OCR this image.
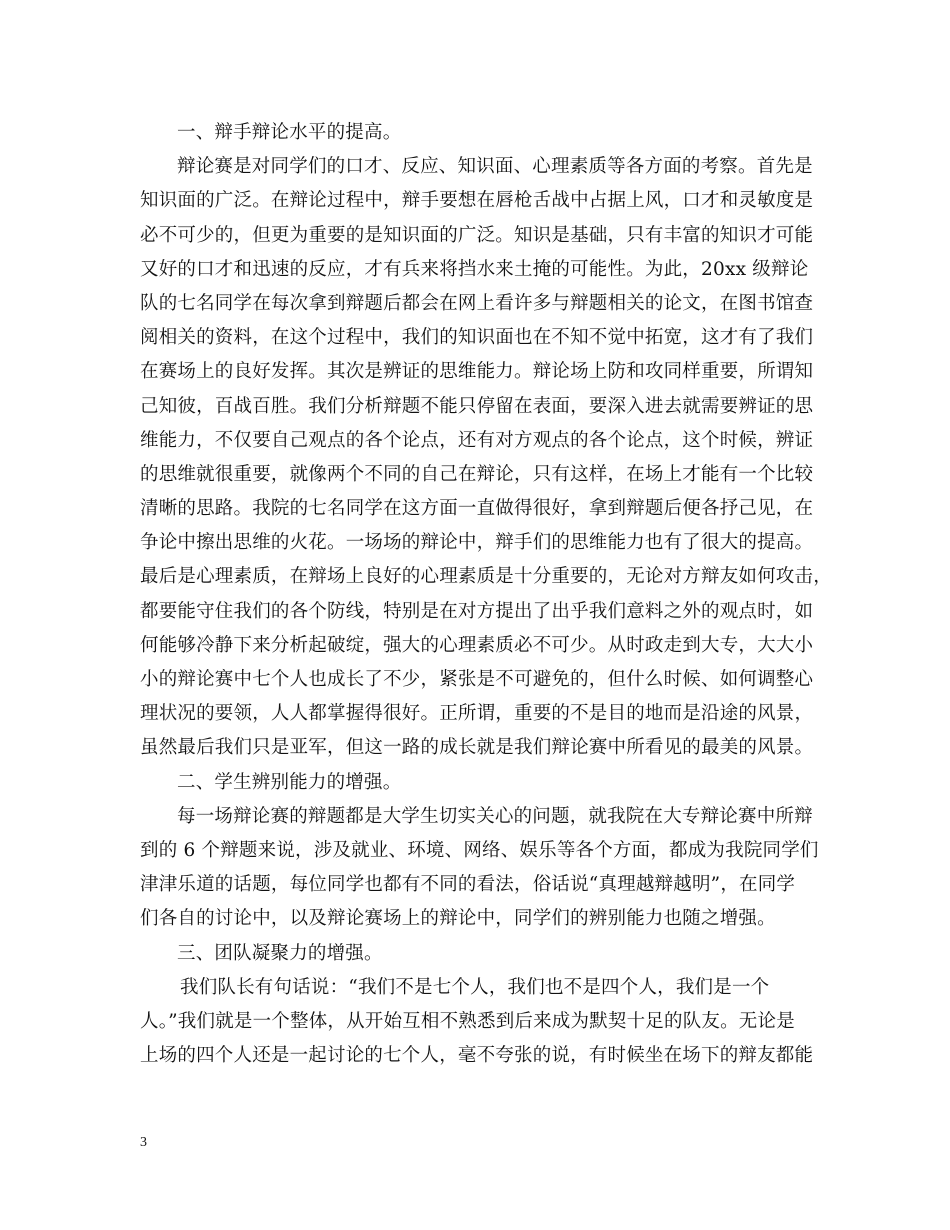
一、辩手辩论水平的提高。
辩论赛是对同学们的口才、反应、知识面、心理素质等各方面的考察。首先是
知识面的广泛。在辩论过程中，辩手要想在唇枪舌战中占据上风，口才和灵敏度是
必不可少的，但更为重要的是知识面的广泛。知识是基础，只有丰富的知识才可能
又好的口才和迅速的反应，才有兵来将挡水来土掩的可能性。为此，20xx 级辩论
队的七名同学在每次拿到辩题后都会在网上看许多与辩题相关的论文，在图书馆查
阅相关的资料，在这个过程中，我们的知识面也在不知不觉中拓宽，这才有了我们
在赛场上的良好发挥。其次是辨证的思维能力。辩论场上防和攻同样重要，所谓知
己知彼，百战百胜。我们分析辩题不能只停留在表面，要深入进去就需要辨证的思
维能力，不仅要自己观点的各个论点，还有对方观点的各个论点，这个时候，辨证
的思维就很重要，就像两个不同的自己在辩论，只有这样，在场上才能有一个比较
清晰的思路。我院的七名同学在这方面一直做得很好，拿到辩题后便各抒己见，在
争论中擦出思维的火花。一场场的辩论中，辩手们的思维能力也有了很大的提高。
最后是心理素质，在辩场上良好的心理素质是十分重要的，无论对方辩友如何攻击，
都要能守住我们的各个防线，特别是在对方提出了出乎我们意料之外的观点时，如
何能够冷静下来分析起破绽，强大的心理素质必不可少。从时政走到大专，大大小
小的辩论赛中七个人也成长了不少，紧张是不可避免的，但什么时候、如何调整心
理状况的要领，人人都掌握得很好。正所谓，重要的不是目的地而是沿途的风景，
虽然最后我们只是亚军，但这一路的成长就是我们辩论赛中所看见的最美的风景。
二、学生辨别能力的增强。
每一场辩论赛的辩题都是大学生切实关心的问题，就我院在大专辩论赛中所辩
到的 6 个辩题来说，涉及就业、环境、网络、娱乐等各个方面，都成为我院同学们
津津乐道的话题，每位同学也都有不同的看法，俗话说“真理越辩越明”，在同学
们各自的讨论中，以及辩论赛场上的辩论中，同学们的辨别能力也随之增强。
三、团队凝聚力的增强。
我们队长有句话说：“我们不是七个人，我们也不是四个人，我们是一个
人。”我们就是一个整体，从开始互相不熟悉到后来成为默契十足的队友。无论是
上场的四个人还是一起讨论的七个人，毫不夸张的说，有时候坐在场下的辩友都能
3
